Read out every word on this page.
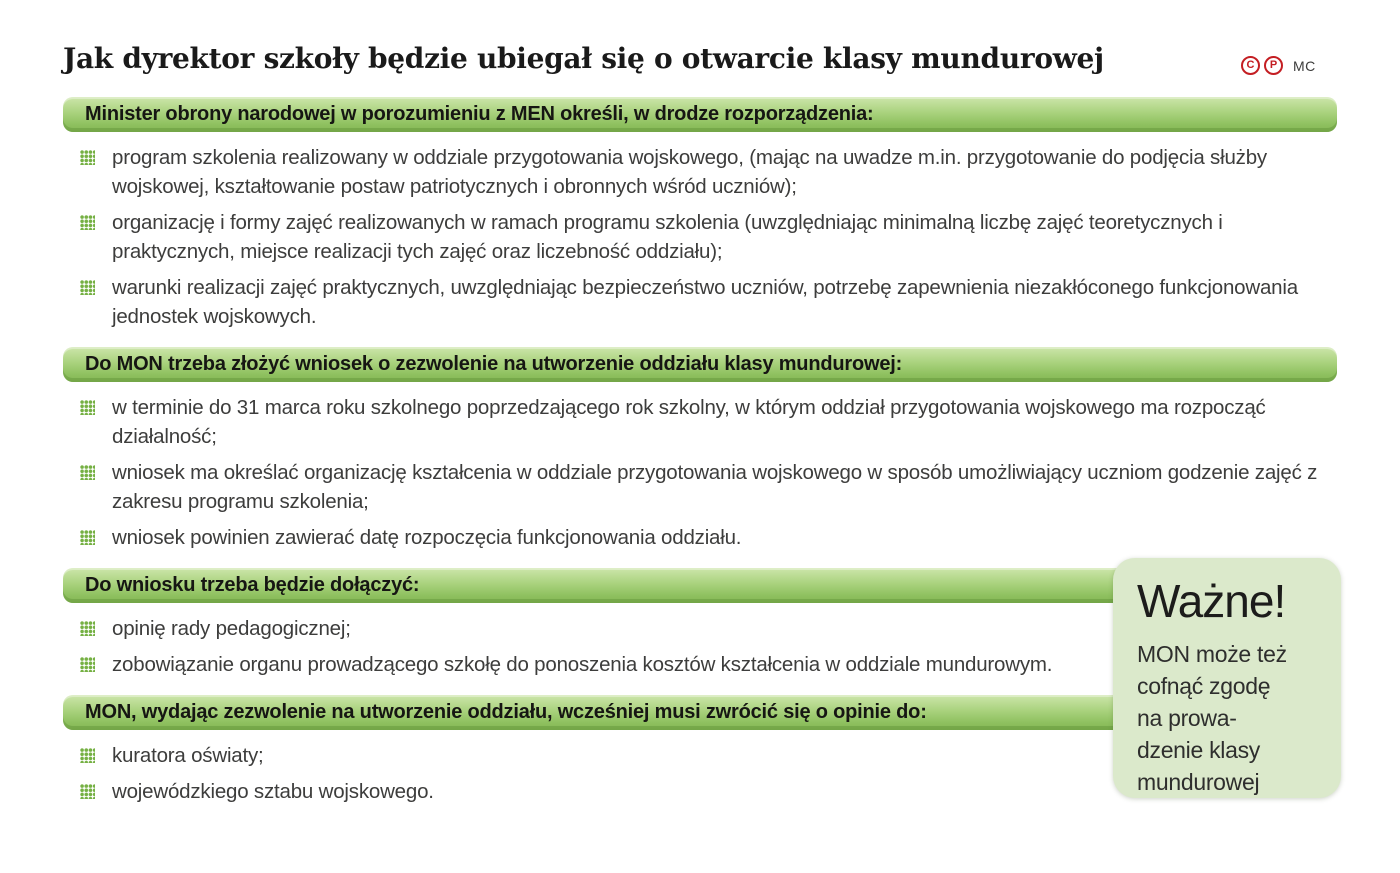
Jak dyrektor szkoły będzie ubiegał się o otwarcie klasy mundurowej	C	P	MC
Minister obrony narodowej w porozumieniu z MEN określi, w drodze rozporządzenia:

program szkolenia realizowany w oddziale przygotowania wojskowego, (mając na uwadze m.in. przygotowanie do podjęcia służby wojskowej, kształtowanie postaw patriotycznych i obronnych wśród uczniów);

organizację i formy zajęć realizowanych w ramach programu szkolenia (uwzględniając minimalną liczbę zajęć teoretycznych i praktycznych, miejsce realizacji tych zajęć oraz liczebność oddziału);

warunki realizacji zajęć praktycznych, uwzględniając bezpieczeństwo uczniów, potrzebę zapewnienia niezakłóconego funkcjonowania jednostek wojskowych.

Do MON trzeba złożyć wniosek o zezwolenie na utworzenie oddziału klasy mundurowej:

w terminie do 31 marca roku szkolnego poprzedzającego rok szkolny, w którym oddział przygotowania wojskowego ma rozpocząć działalność;

wniosek ma określać organizację kształcenia w oddziale przygotowania wojskowego w sposób umożliwiający uczniom godzenie zajęć z zakresu programu szkolenia;

wniosek powinien zawierać datę rozpoczęcia funkcjonowania oddziału.

Do wniosku trzeba będzie dołączyć:

opinię rady pedagogicznej;

zobowiązanie organu prowadzącego szkołę do ponoszenia kosztów kształcenia w oddziale mundurowym.

MON, wydając zezwolenie na utworzenie oddziału, wcześniej musi zwrócić się o opinie do:

kuratora oświaty;

wojewódzkiego sztabu wojskowego.

Ważne!
MON może też
cofnąć zgodę
na prowa-
dzenie klasy
mundurowej
